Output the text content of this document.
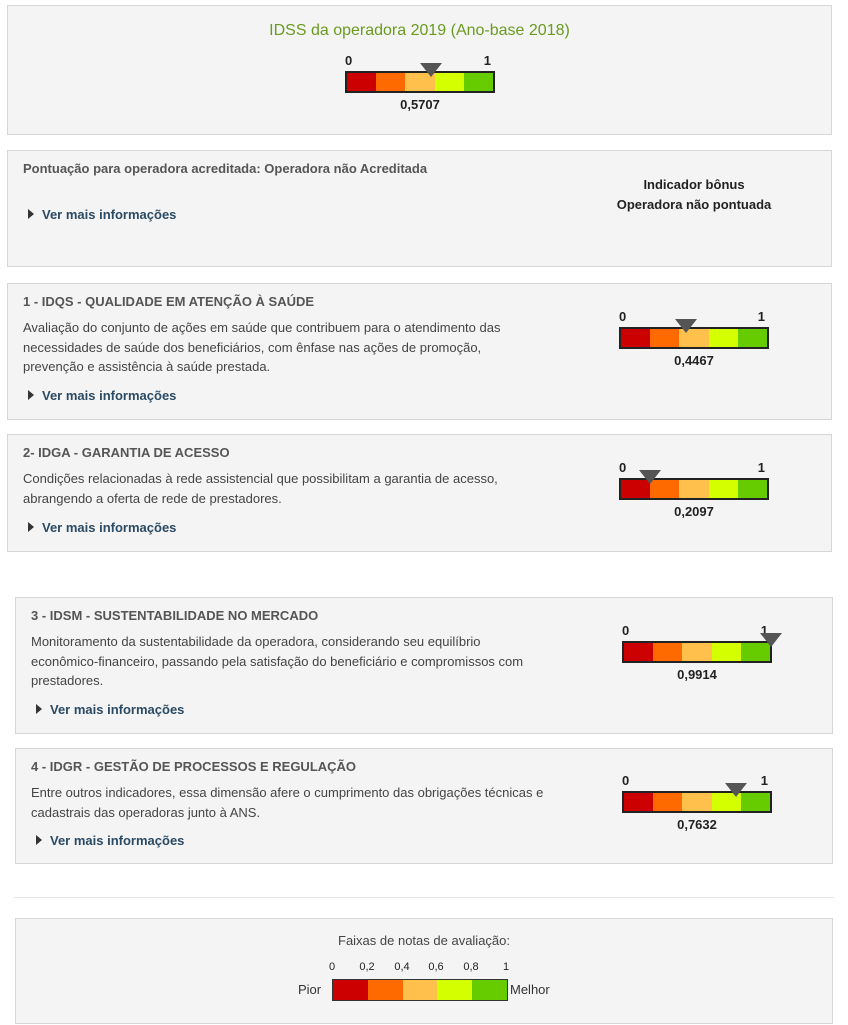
IDSS da operadora 2019 (Ano-base 2018)
0	1
0,5707
Pontuação para operadora acreditada: Operadora não Acreditada
Ver mais informações
Indicador bônus
Operadora não pontuada
1 - IDQS - QUALIDADE EM ATENÇÃO À SAÚDE
Avaliação do conjunto de ações em saúde que contribuem para o atendimento das necessidades de saúde dos beneficiários, com ênfase nas ações de promoção, prevenção e assistência à saúde prestada.
Ver mais informações
0	1
0,4467
2- IDGA - GARANTIA DE ACESSO
Condições relacionadas à rede assistencial que possibilitam a garantia de acesso, abrangendo a oferta de rede de prestadores.
Ver mais informações
0	1
0,2097
3 - IDSM - SUSTENTABILIDADE NO MERCADO
Monitoramento da sustentabilidade da operadora, considerando seu equilíbrio econômico-financeiro, passando pela satisfação do beneficiário e compromissos com prestadores.
Ver mais informações
0	1
0,9914
4 - IDGR - GESTÃO DE PROCESSOS E REGULAÇÃO
Entre outros indicadores, essa dimensão afere o cumprimento das obrigações técnicas e cadastrais das operadoras junto à ANS.
Ver mais informações
0	1
0,7632
Faixas de notas de avaliação:
0	0,2	0,4	0,6	0,8	1
Pior	Melhor
